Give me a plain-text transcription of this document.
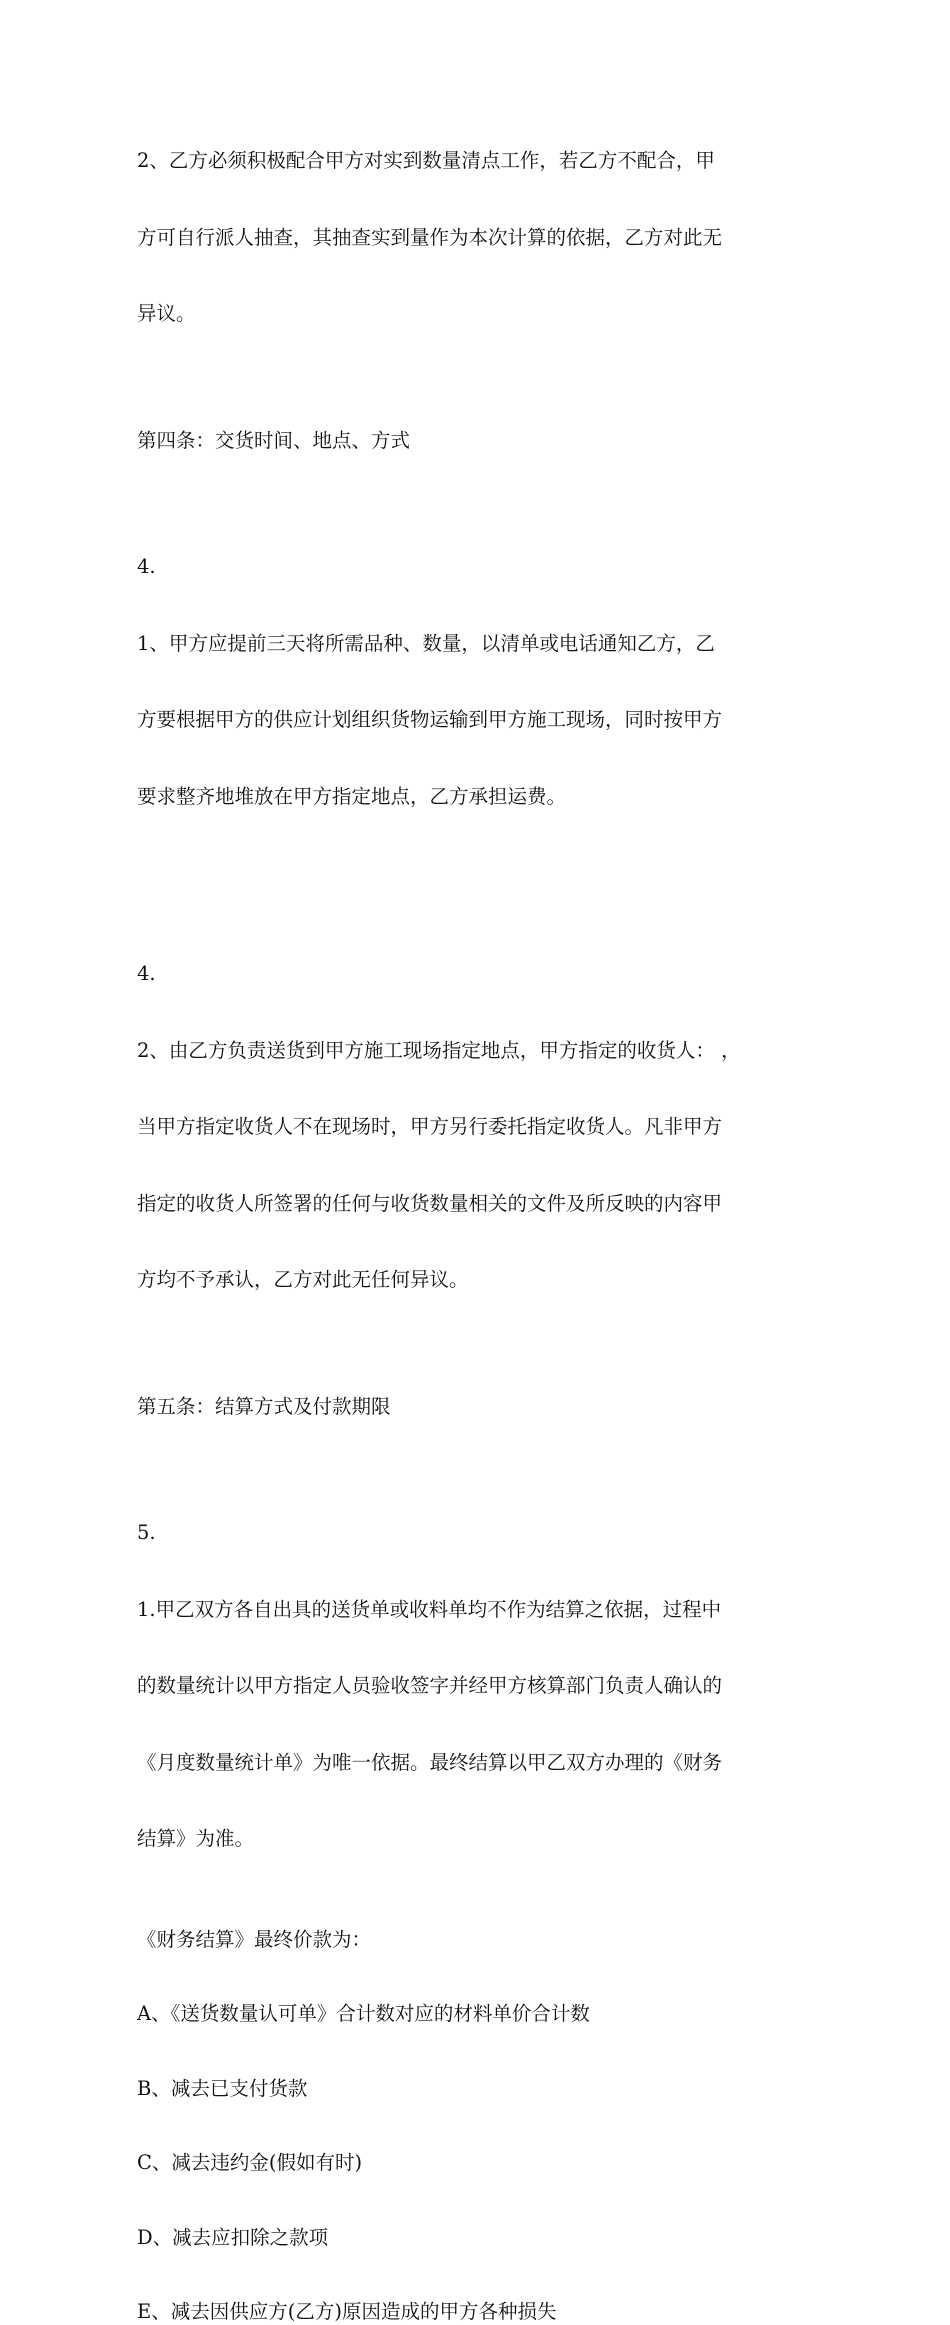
2、乙方必须积极配合甲方对实到数量清点工作，若乙方不配合，甲

方可自行派人抽查，其抽查实到量作为本次计算的依据，乙方对此无

异议。

第四条：交货时间、地点、方式

4.

1、甲方应提前三天将所需品种、数量，以清单或电话通知乙方，乙

方要根据甲方的供应计划组织货物运输到甲方施工现场，同时按甲方

要求整齐地堆放在甲方指定地点，乙方承担运费。

4.

2、由乙方负责送货到甲方施工现场指定地点，甲方指定的收货人： ，

当甲方指定收货人不在现场时，甲方另行委托指定收货人。凡非甲方

指定的收货人所签署的任何与收货数量相关的文件及所反映的内容甲

方均不予承认，乙方对此无任何异议。

第五条：结算方式及付款期限

5.

1.甲乙双方各自出具的送货单或收料单均不作为结算之依据，过程中

的数量统计以甲方指定人员验收签字并经甲方核算部门负责人确认的

《月度数量统计单》为唯一依据。最终结算以甲乙双方办理的《财务

结算》为准。

《财务结算》最终价款为：

A、《送货数量认可单》合计数对应的材料单价合计数

B、减去已支付货款

C、减去违约金(假如有时)

D、减去应扣除之款项

E、减去因供应方(乙方)原因造成的甲方各种损失
